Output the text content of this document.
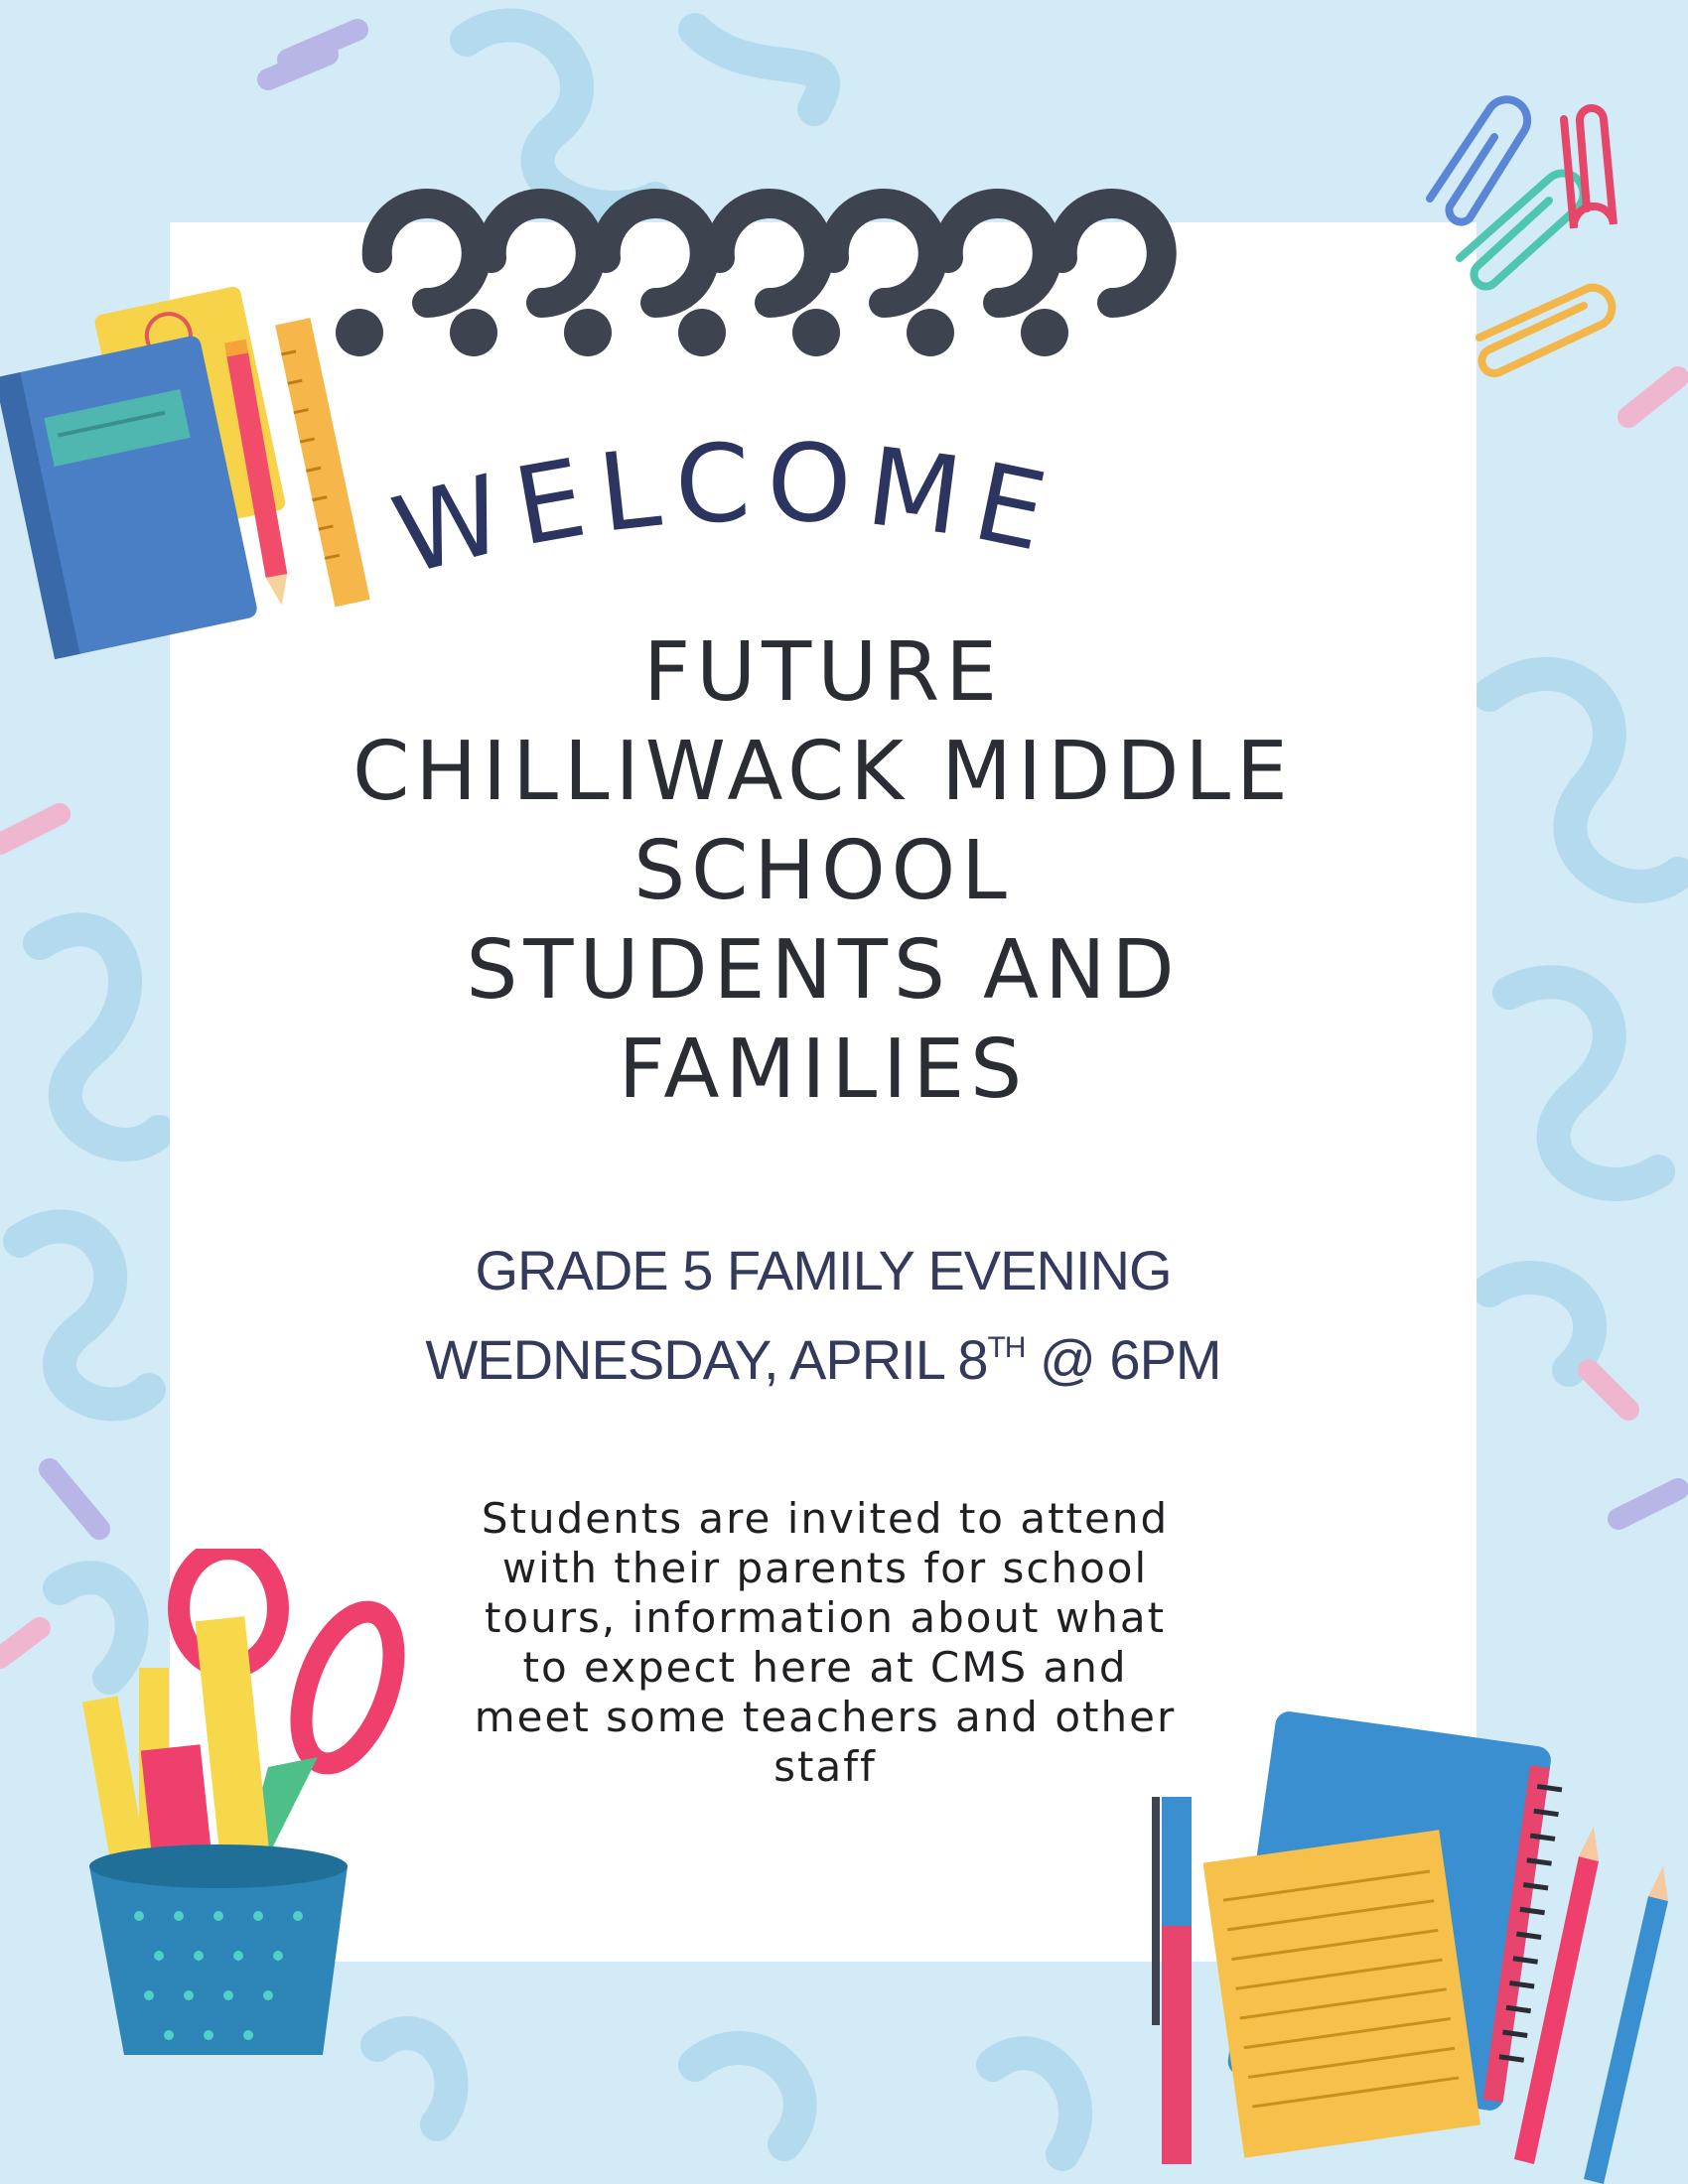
WELCOME
FUTURE
CHILLIWACK MIDDLE
SCHOOL
STUDENTS AND
FAMILIES
GRADE 5 FAMILY EVENING
WEDNESDAY, APRIL 8TH @ 6PM
Students are invited to attend
with their parents for school
tours, information about what
to expect here at CMS and
meet some teachers and other
staff
